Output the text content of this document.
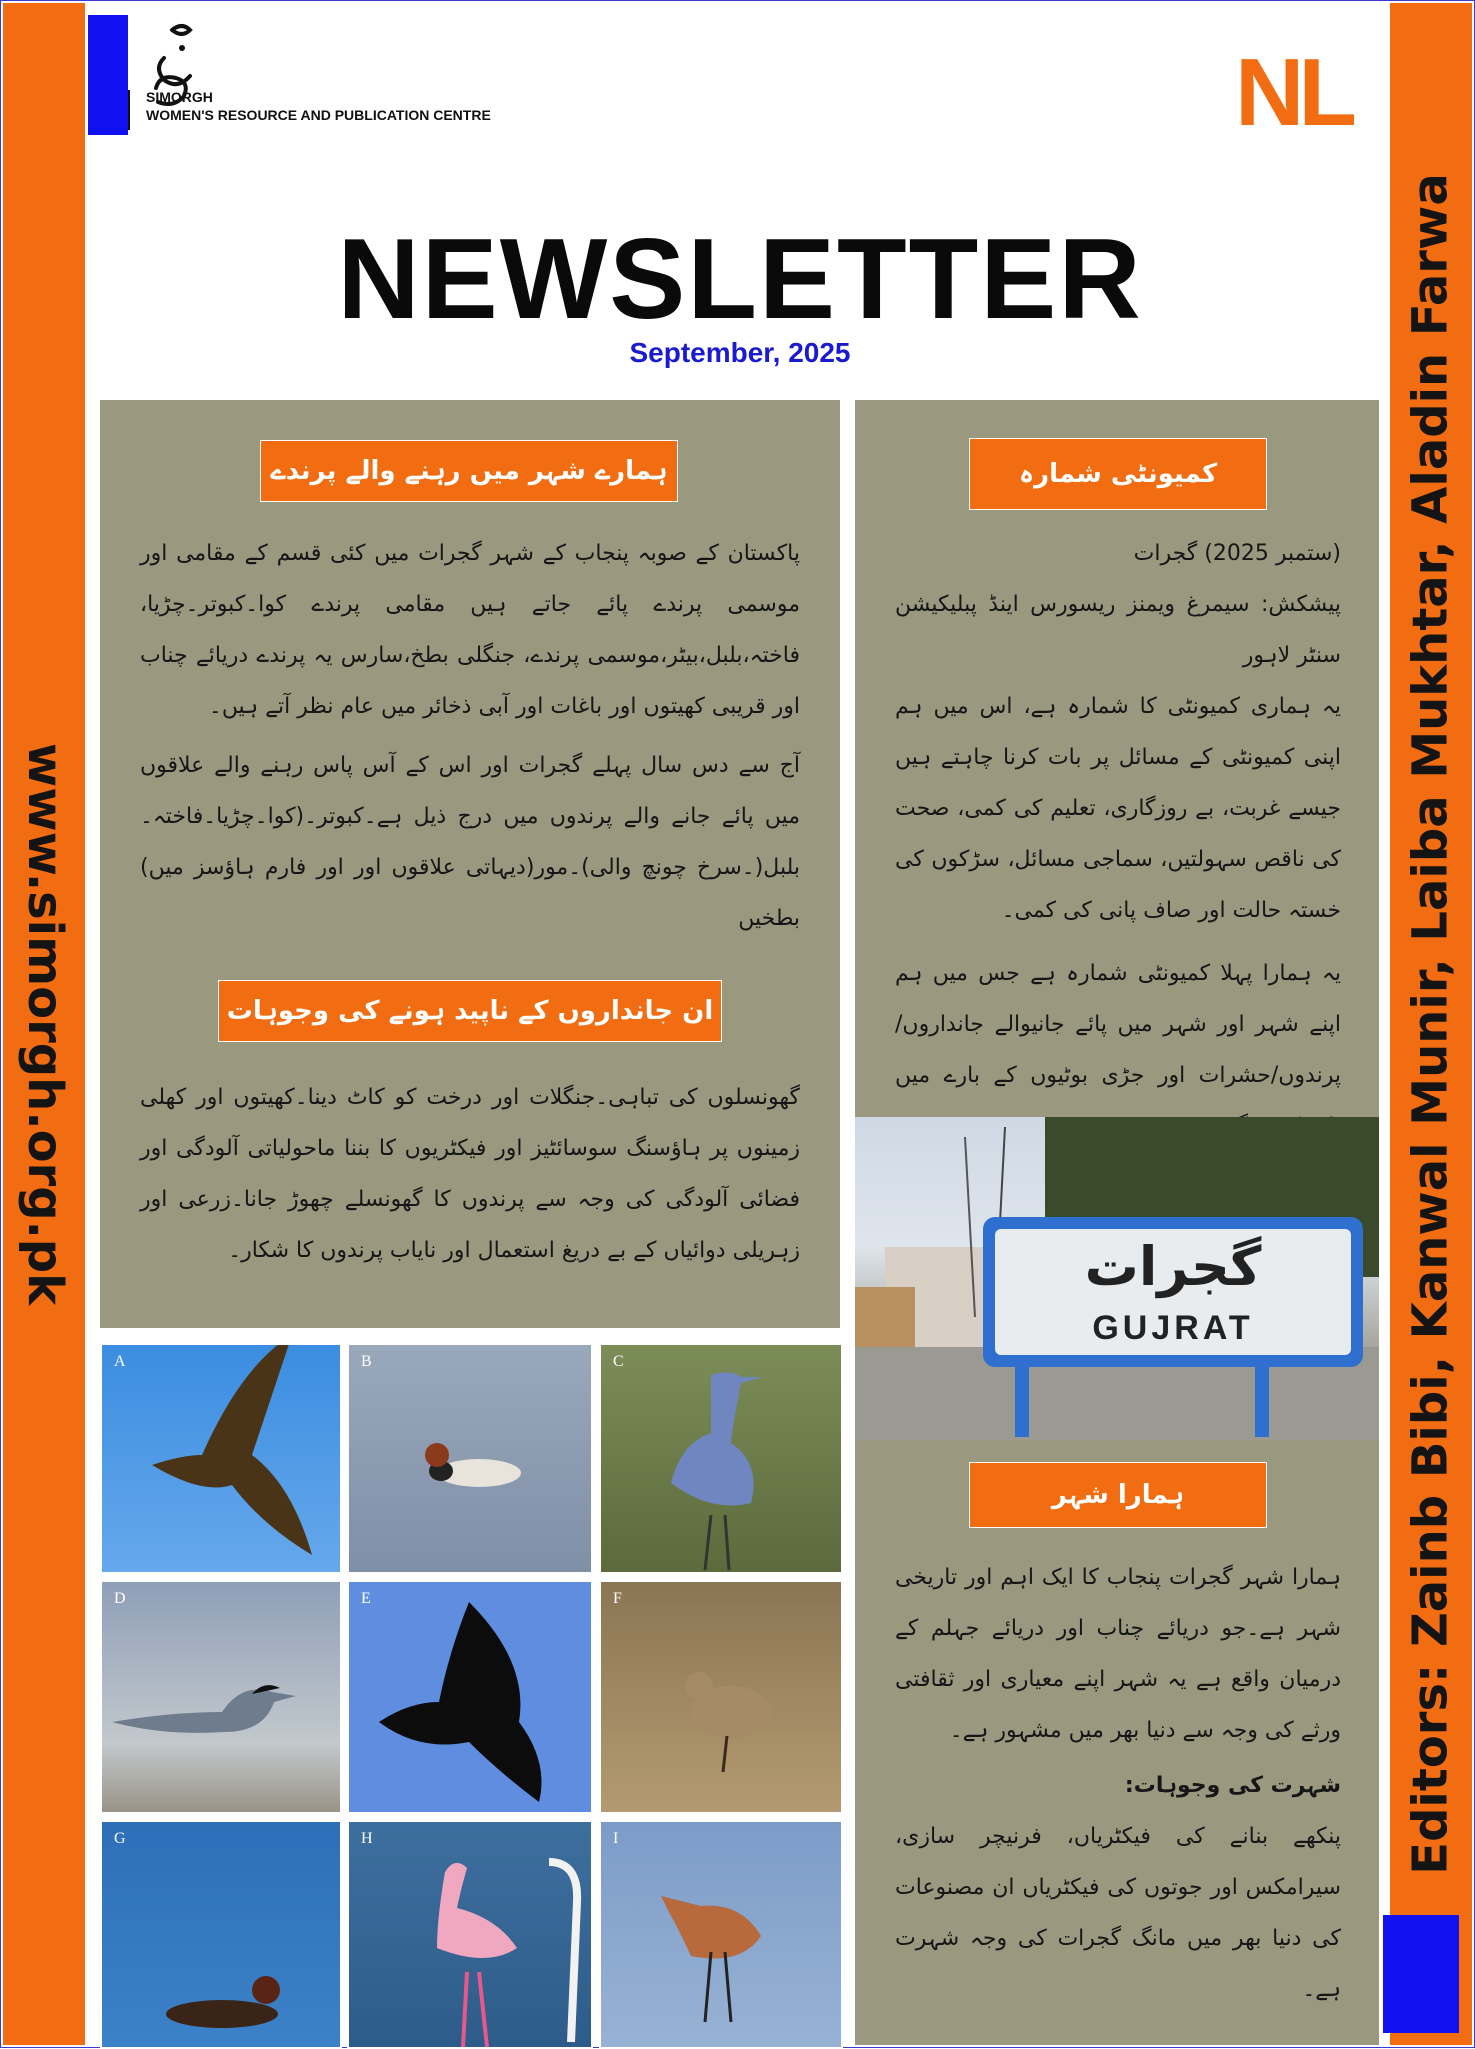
www.simorgh.org.pk	Editors: Zainb Bibi, Kanwal Munir, Laiba Mukhtar, Aladin Farwa
SIMORGH
WOMEN'S RESOURCE AND PUBLICATION CENTRE	NL
NEWSLETTER
September, 2025
ہمارے شہر میں رہنے والے پرندے

پاکستان کے صوبہ پنجاب کے شہر گجرات میں کئی قسم کے مقامی اور موسمی پرندے پائے جاتے ہیں مقامی پرندے کوا۔کبوتر۔چڑیا، فاختہ،بلبل،بیٹر،موسمی پرندے، جنگلی بطخ،سارس یہ پرندے دریائے چناب اور قریبی کھیتوں اور باغات اور آبی ذخائر میں عام نظر آتے ہیں۔

آج سے دس سال پہلے گجرات اور اس کے آس پاس رہنے والے علاقوں میں پائے جانے والے پرندوں میں درج ذیل ہے۔کبوتر۔(کوا۔چڑیا۔فاختہ۔بلبل(۔سرخ چونچ والی)۔مور(دیہاتی علاقوں اور اور فارم ہاؤسز میں) بطخیں

ان جانداروں کے ناپید ہونے کی وجوہات

گھونسلوں کی تباہی۔جنگلات اور درخت کو کاٹ دینا۔کھیتوں اور کھلی زمینوں پر ہاؤسنگ سوسائٹیز اور فیکٹریوں کا بننا ماحولیاتی آلودگی اور فضائی آلودگی کی وجہ سے پرندوں کا گھونسلے چھوڑ جانا۔زرعی اور زہریلی دوائیاں کے بے دریغ استعمال اور نایاب پرندوں کا شکار۔

A	B	C
D	E	F
G	H	I
کمیونٹی شمارہ
(ستمبر 2025) گجرات
پیشکش: سیمرغ ویمنز ریسورس اینڈ پبلیکیشن سنٹر لاہور

یہ ہماری کمیونٹی کا شمارہ ہے، اس میں ہم اپنی کمیونٹی کے مسائل پر بات کرنا چاہتے ہیں جیسے غربت، بے روزگاری، تعلیم کی کمی، صحت کی ناقص سہولتیں، سماجی مسائل، سڑکوں کی خستہ حالت اور صاف پانی کی کمی۔

یہ ہمارا پہلا کمیونٹی شمارہ ہے جس میں ہم اپنے شہر اور شہر میں پائے جانیوالے جانداروں/پرندوں/حشرات اور جڑی بوٹیوں کے بارے میں

گجرات
GUJRAT
ہمارا شہر

ہمارا شہر گجرات پنجاب کا ایک اہم اور تاریخی شہر ہے۔جو دریائے چناب اور دریائے جہلم کے درمیان واقع ہے یہ شہر اپنے معیاری اور ثقافتی ورثے کی وجہ سے دنیا بھر میں مشہور ہے۔

شہرت کی وجوہات:

پنکھے بنانے کی فیکٹریاں، فرنیچر سازی، سیرامکس اور جوتوں کی فیکٹریاں ان مصنوعات کی دنیا بھر میں مانگ گجرات کی وجہ شہرت ہے۔
